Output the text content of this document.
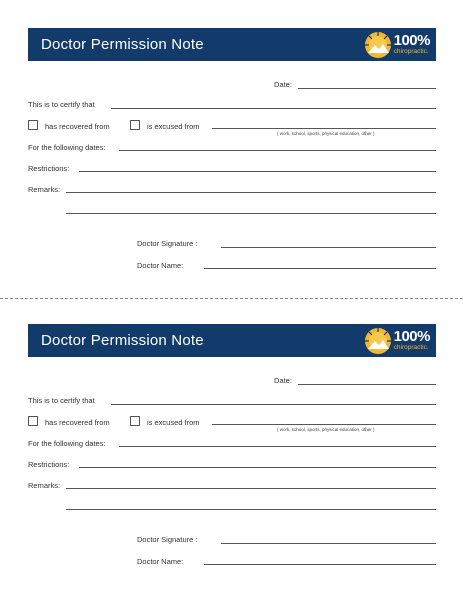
Doctor Permission Note	100%
chiropractic.
Date:
This is to certify that
has recovered from	is excused from
( work, school, sports, physical education, other )
For the following dates:
Restrictions:
Remarks:
Doctor Signature :
Doctor Name:
Doctor Permission Note	100%
chiropractic.
Date:
This is to certify that
has recovered from	is excused from
( work, school, sports, physical education, other )
For the following dates:
Restrictions:
Remarks:
Doctor Signature :
Doctor Name:
